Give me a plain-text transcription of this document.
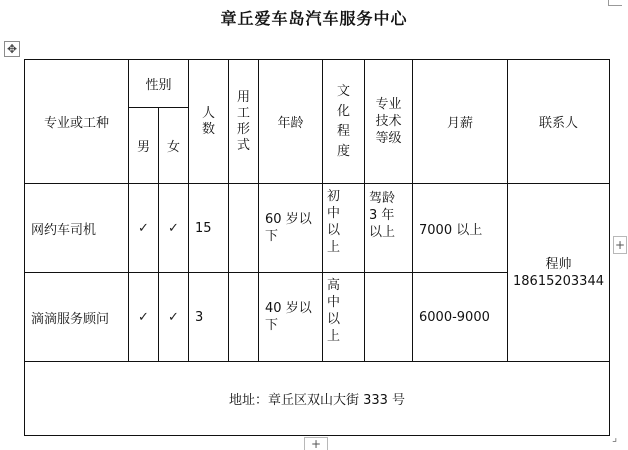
章丘爱车岛汽车服务中心
✥
+
+	⌟
专业或工种	性别		人数	用工形式	年龄	文化程度	专业技术等级	月薪	联系人
	男	女							
网约车司机	✓	✓	15		60 岁以下	初中以上	驾龄 3 年以上	7000 以上	程帅
18615203344

滴滴服务顾问	✓	✓	3		40 岁以下	高中以上		6000-9000	
地址：章丘区双山大街 333 号									
